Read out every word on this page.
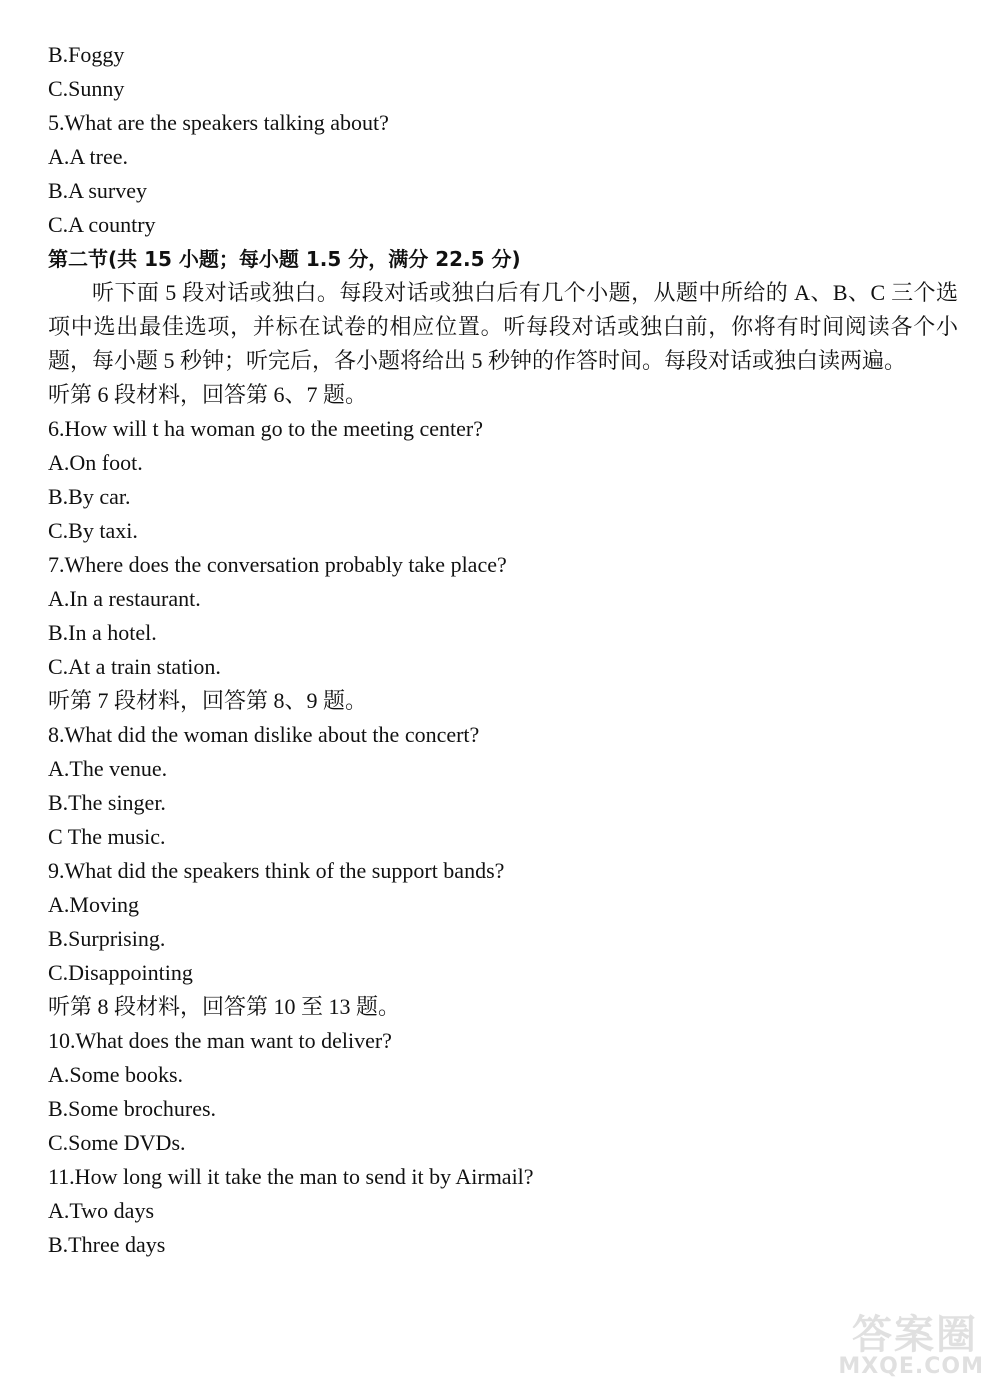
B.Foggy
C.Sunny
5.What are the speakers talking about?
A.A tree.
B.A survey
C.A country
第二节(共 15 小题；每小题 1.5 分，满分 22.5 分)
听下面 5 段对话或独白。每段对话或独白后有几个小题，从题中所给的 A、B、C 三个选项中选出最佳选项，并标在试卷的相应位置。听每段对话或独白前，你将有时间阅读各个小题，每小题 5 秒钟；听完后，各小题将给出 5 秒钟的作答时间。每段对话或独白读两遍。
听第 6 段材料，回答第 6、7 题。
6.How will t ha woman go to the meeting center?
A.On foot.
B.By car.
C.By taxi.
7.Where does the conversation probably take place?
A.In a restaurant.
B.In a hotel.
C.At a train station.
听第 7 段材料，回答第 8、9 题。
8.What did the woman dislike about the concert?
A.The venue.
B.The singer.
C The music.
9.What did the speakers think of the support bands?
A.Moving
B.Surprising.
C.Disappointing
听第 8 段材料，回答第 10 至 13 题。
10.What does the man want to deliver?
A.Some books.
B.Some brochures.
C.Some DVDs.
11.How long will it take the man to send it by Airmail?
A.Two days
B.Three days
答案圈
MXQE.COM
